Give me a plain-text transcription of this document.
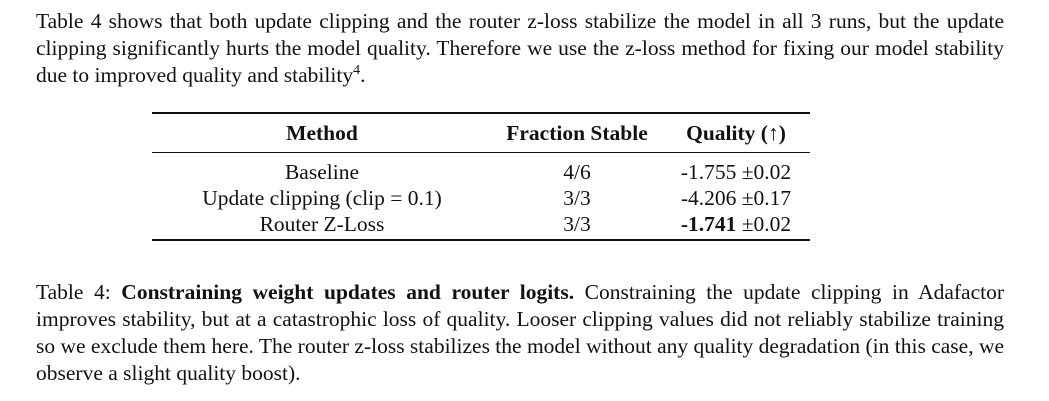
Table 4 shows that both update clipping and the router z-loss stabilize the model in all 3 runs, but the update clipping significantly hurts the model quality. Therefore we use the z-loss method for fixing our model stability due to improved quality and stability$^4$.

Method	Fraction Stable	Quality (↑)
Baseline	4/6	-1.755 ±0.02
Update clipping (clip = 0.1)	3/3	-4.206 ±0.17
Router Z-Loss	3/3	-1.741 ±0.02

Table 4: Constraining weight updates and router logits. Constraining the update clipping in Adafactor improves stability, but at a catastrophic loss of quality. Looser clipping values did not reliably stabilize training so we exclude them here. The router z-loss stabilizes the model without any quality degradation (in this case, we observe a slight quality boost).
